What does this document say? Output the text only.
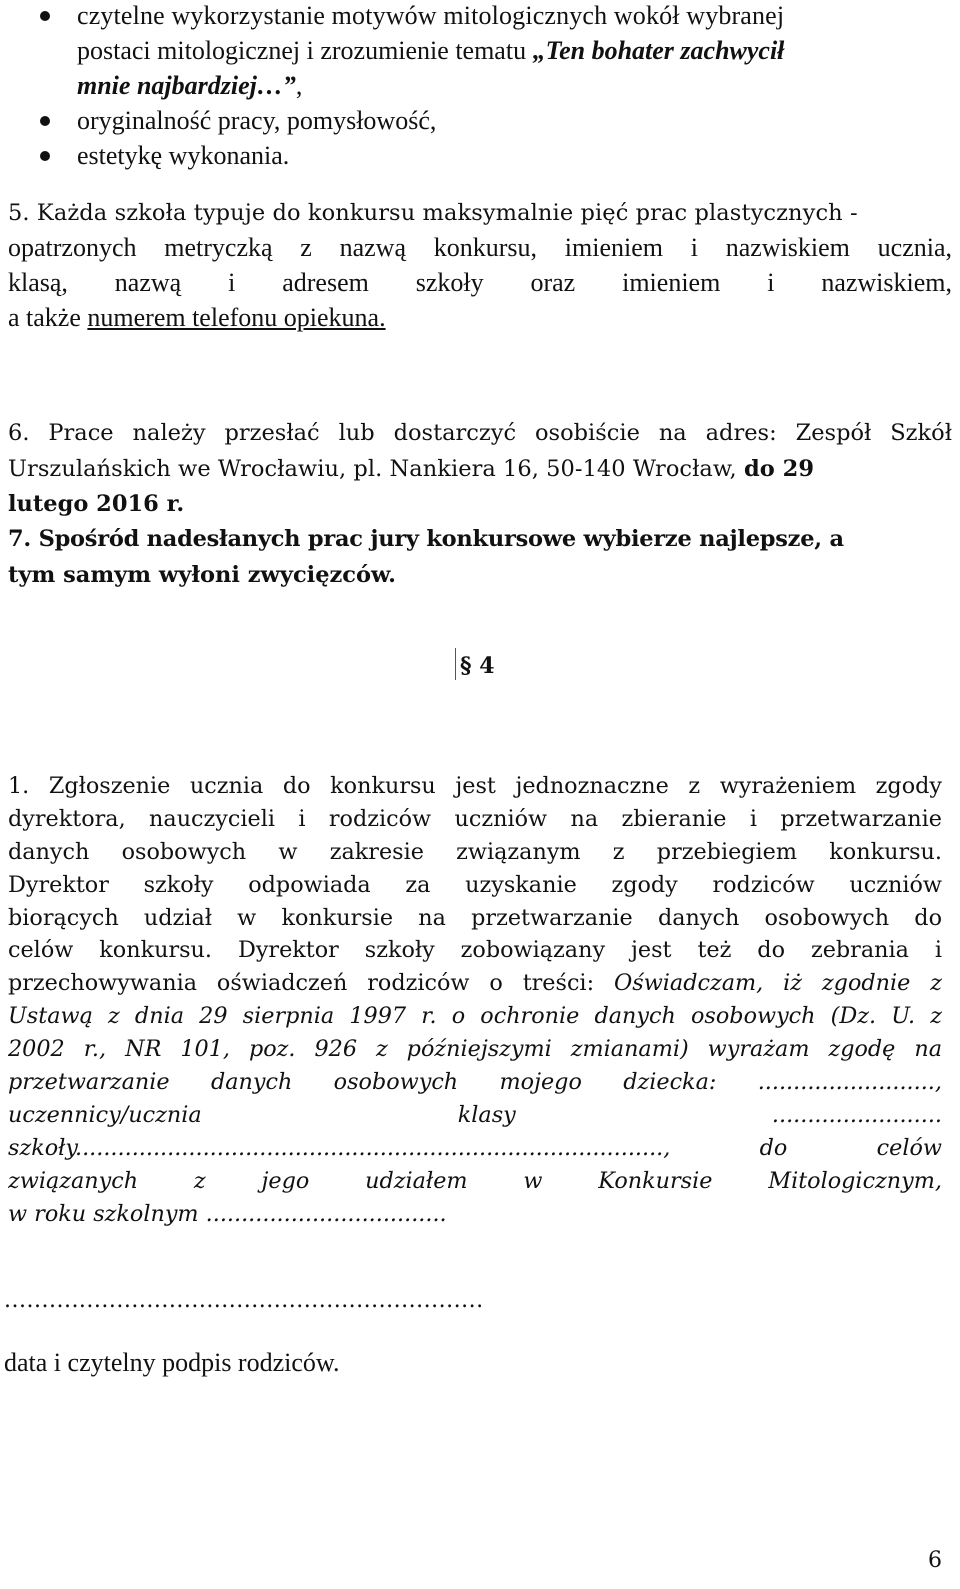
czytelne wykorzystanie motywów mitologicznych wokół wybranej
postaci mitologicznej i zrozumienie tematu „Ten bohater zachwycił
mnie najbardziej…”,
oryginalność pracy, pomysłowość,
estetykę wykonania.
5. Każda szkoła typuje do konkursu maksymalnie pięć prac plastycznych -
opatrzonych metryczką z nazwą konkursu, imieniem i nazwiskiem ucznia,
klasą, nazwą i adresem szkoły oraz imieniem i nazwiskiem,
a także numerem telefonu opiekuna.
6. Prace należy przesłać lub dostarczyć osobiście na adres: Zespół Szkół
Urszulańskich we Wrocławiu, pl. Nankiera 16, 50-140 Wrocław, do 29
lutego 2016 r.
7. Spośród nadesłanych prac jury konkursowe wybierze najlepsze, a
tym samym wyłoni zwycięzców.
§ 4
1. Zgłoszenie ucznia do konkursu jest jednoznaczne z wyrażeniem zgody
dyrektora, nauczycieli i rodziców uczniów na zbieranie i przetwarzanie
danych osobowych w zakresie związanym z przebiegiem konkursu.
Dyrektor szkoły odpowiada za uzyskanie zgody rodziców uczniów
biorących udział w konkursie na przetwarzanie danych osobowych do
celów konkursu. Dyrektor szkoły zobowiązany jest też do zebrania i
przechowywania oświadczeń rodziców o treści: Oświadczam, iż zgodnie z
Ustawą z dnia 29 sierpnia 1997 r. o ochronie danych osobowych (Dz. U. z
2002 r., NR 101, poz. 926 z późniejszymi zmianami) wyrażam zgodę na
przetwarzanie danych osobowych mojego dziecka: .........................,
uczennicy/ucznia	klasy	........................
szkoły...................................................................................,	do	celów
związanych z jego udziałem w Konkursie Mitologicznym,
w roku szkolnym ..................................
................................................................
data i czytelny podpis rodziców.
6
